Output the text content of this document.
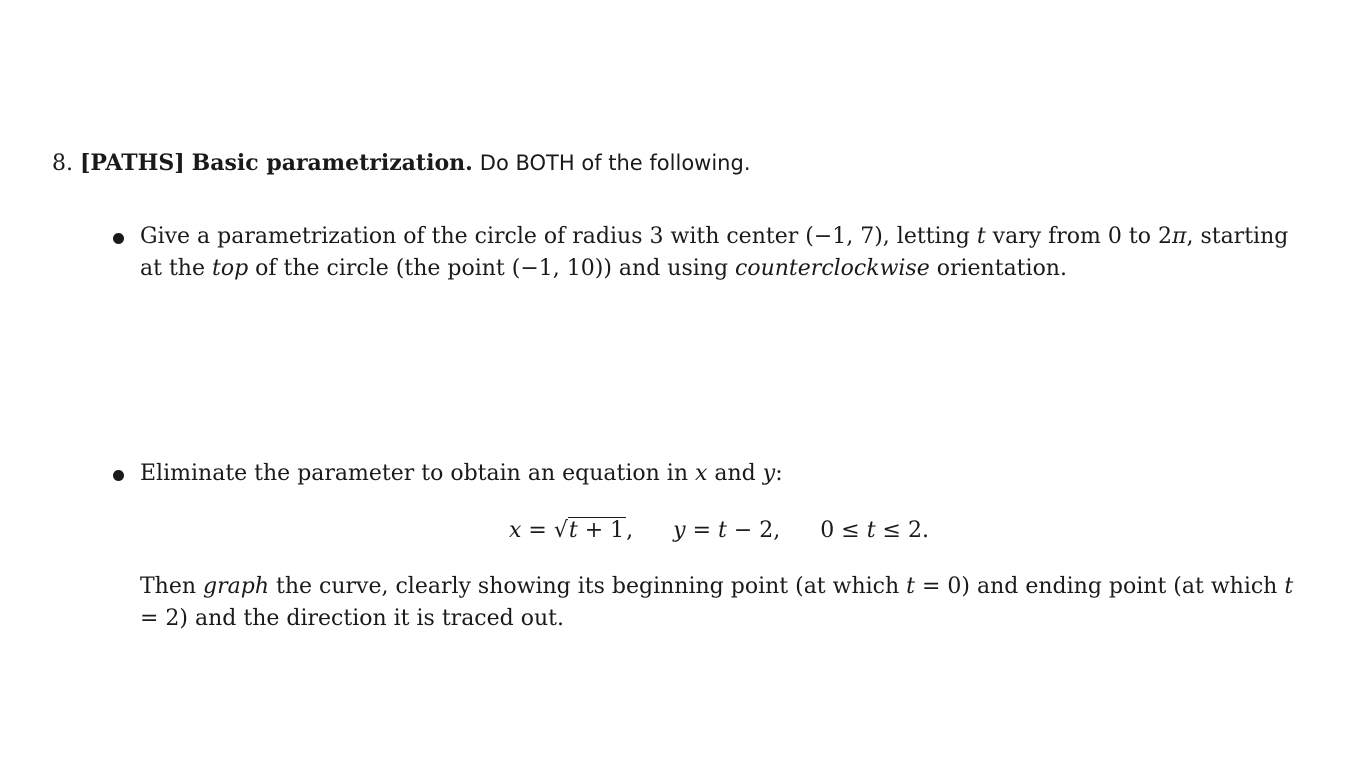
8. [PATHS] Basic parametrization. Do BOTH of the following.
Give a parametrization of the circle of radius 3 with center (−1, 7), letting t vary from 0 to 2π, starting at the top of the circle (the point (−1, 10)) and using counterclockwise orientation.
Eliminate the parameter to obtain an equation in x and y:
x = √t + 1, y = t − 2, 0 ≤ t ≤ 2.
Then graph the curve, clearly showing its beginning point (at which t = 0) and ending point (at which t = 2) and the direction it is traced out.
